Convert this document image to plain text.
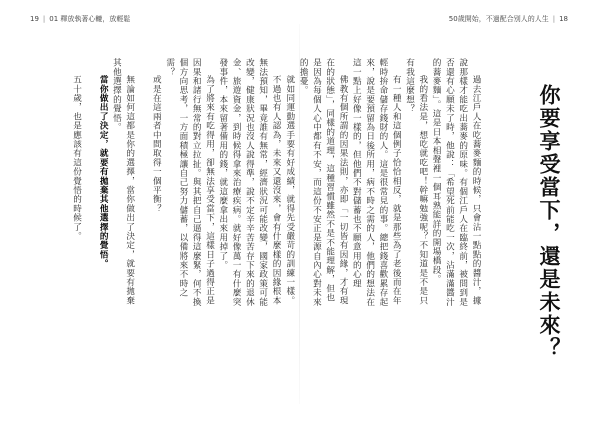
19 | 01 釋放執著心轆，放輕鬆	50歲開始，不過配合別人的人生 | 18
你要享受當下，還是未來？

過去江戶人在吃蕎麥麵的時候，只會沾一點點的醬汁，據說那樣才能吃出蕎麥的原味。有個江戶人在臨終前，被問到是否還有心願未了時，他說：「希望死前能吃一次，沾滿滿醬汁的蕎麥麵」。這是日本相聲裡一個耳熟能詳的開場橋段。

我的看法是，想吃就吃吧！幹嘛勉強呢？不知道是不是只有我這麼想？

有一種人和這個例子恰恰相反，就是那些為了老後而在年輕時拚命儲存錢財的人。這是很常見的事。總把錢喜歡累存起來，說是要預留為日後所用，病不時之需的人，他們的想法在這一點上好像一樣的，但他們不對儲蓄也不願意用的心理

佛教有個所謂的因果法則，亦即「一切皆有因緣，才有現在的狀態」，同樣的道理，這種習慣雖然不是不能理解，但也是因為每個人心中都有不安，而這份不安正是源自內心對未來的擔憂。

就如同運動選手要有好成績，就得先受嚴苛的訓練一樣。

不過也有人認為，未來又還沒來，會有什麼樣的因緣根本無法預知，畢竟誰有無常，經濟狀況可能改變，國家政策可能改變，健康狀況也沒人說得準，說不定辛辛苦苦存下來的退休金、旅遊資金，到時候得拿來治療疾病。就好像萬一有什麼突發事件，本來留著備用的錢，就這麼拿出來用掉了。

為了將來有吃得用，卻無法享受當下，這樣日子過得正是因果和諸行無常的對立拉扯。與其把自己逼得這麼緊，何不換個方向思考，一方面積極讓自己努力儲蓄，以備將來不時之需？

或是在這兩者中間取得一個平衡？

無論如何這都是你的選擇，當你做出了決定，就要有拋棄其他選擇的覺悟。

當你做出了決定，就要有拋棄其他選擇的覺悟。

五十歲，也是應該有這份覺悟的時候了。
